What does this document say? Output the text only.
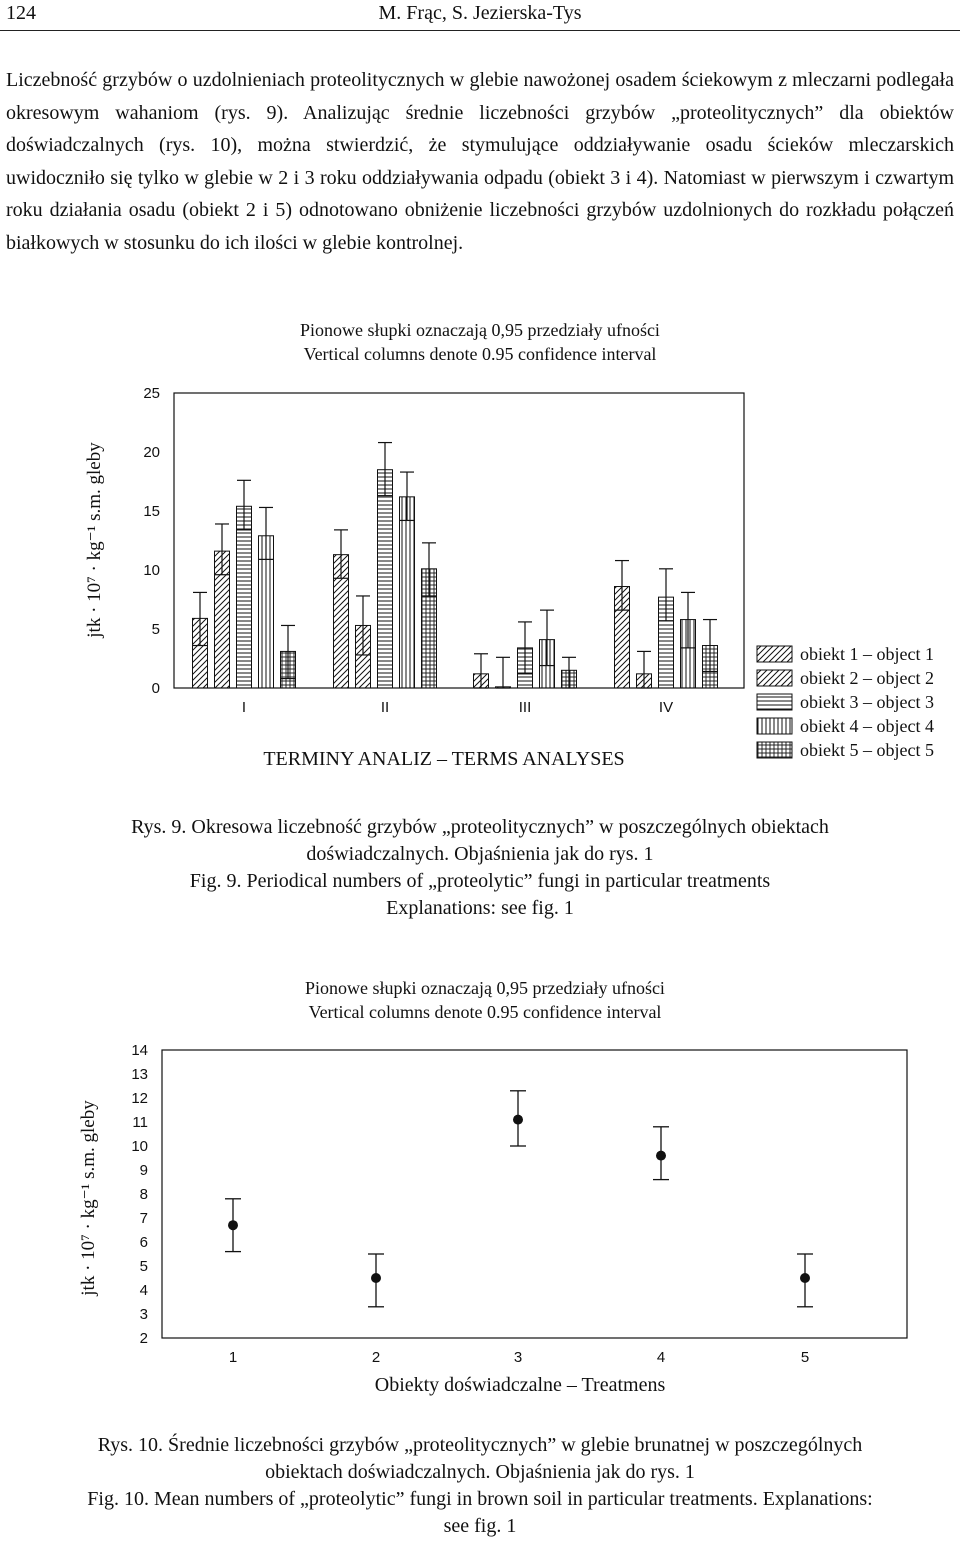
124	M. Frąc, S. Jezierska-Tys

Liczebność grzybów o uzdolnieniach proteolitycznych w glebie nawożonej osadem ściekowym z mleczarni podlegała okresowym wahaniom (rys. 9). Analizując średnie liczebności grzybów „proteolitycznych” dla obiektów doświadczalnych (rys. 10), można stwierdzić, że stymulujące oddziaływanie osadu ścieków mleczarskich uwidoczniło się tylko w glebie w 2 i 3 roku oddziaływania odpadu (obiekt 3 i 4). Natomiast w pierwszym i czwartym roku działania osadu (obiekt 2 i 5) odnotowano obniżenie liczebności grzybów uzdolnionych do rozkładu połączeń białkowych w stosunku do ich ilości w glebie kontrolnej.

Pionowe słupki oznaczają 0,95 przedziały ufności
Vertical columns denote 0.95 confidence interval
0
5
10
15
20
25
I	II	III	IV
TERMINY ANALIZ – TERMS ANALYSES
jtk · 10⁷ · kg⁻¹ s.m. gleby
obiekt 1 – object 1
obiekt 2 – object 2
obiekt 3 – object 3
obiekt 4 – object 4
obiekt 5 – object 5

Rys. 9. Okresowa liczebność grzybów „proteolitycznych” w poszczególnych obiektach

doświadczalnych. Objaśnienia jak do rys. 1

Fig. 9. Periodical numbers of „proteolytic” fungi in particular treatments

Explanations: see fig. 1

Pionowe słupki oznaczają 0,95 przedziały ufności
Vertical columns denote 0.95 confidence interval
2
3
4
5
6
7
8
9
10
11
12
13
14
1	2	3	4	5
Obiekty doświadczalne – Treatmens
jtk · 10⁷ · kg⁻¹ s.m. gleby

Rys. 10. Średnie liczebności grzybów „proteolitycznych” w glebie brunatnej w poszczególnych

obiektach doświadczalnych. Objaśnienia jak do rys. 1

Fig. 10. Mean numbers of „proteolytic” fungi in brown soil in particular treatments. Explanations:

see fig. 1
